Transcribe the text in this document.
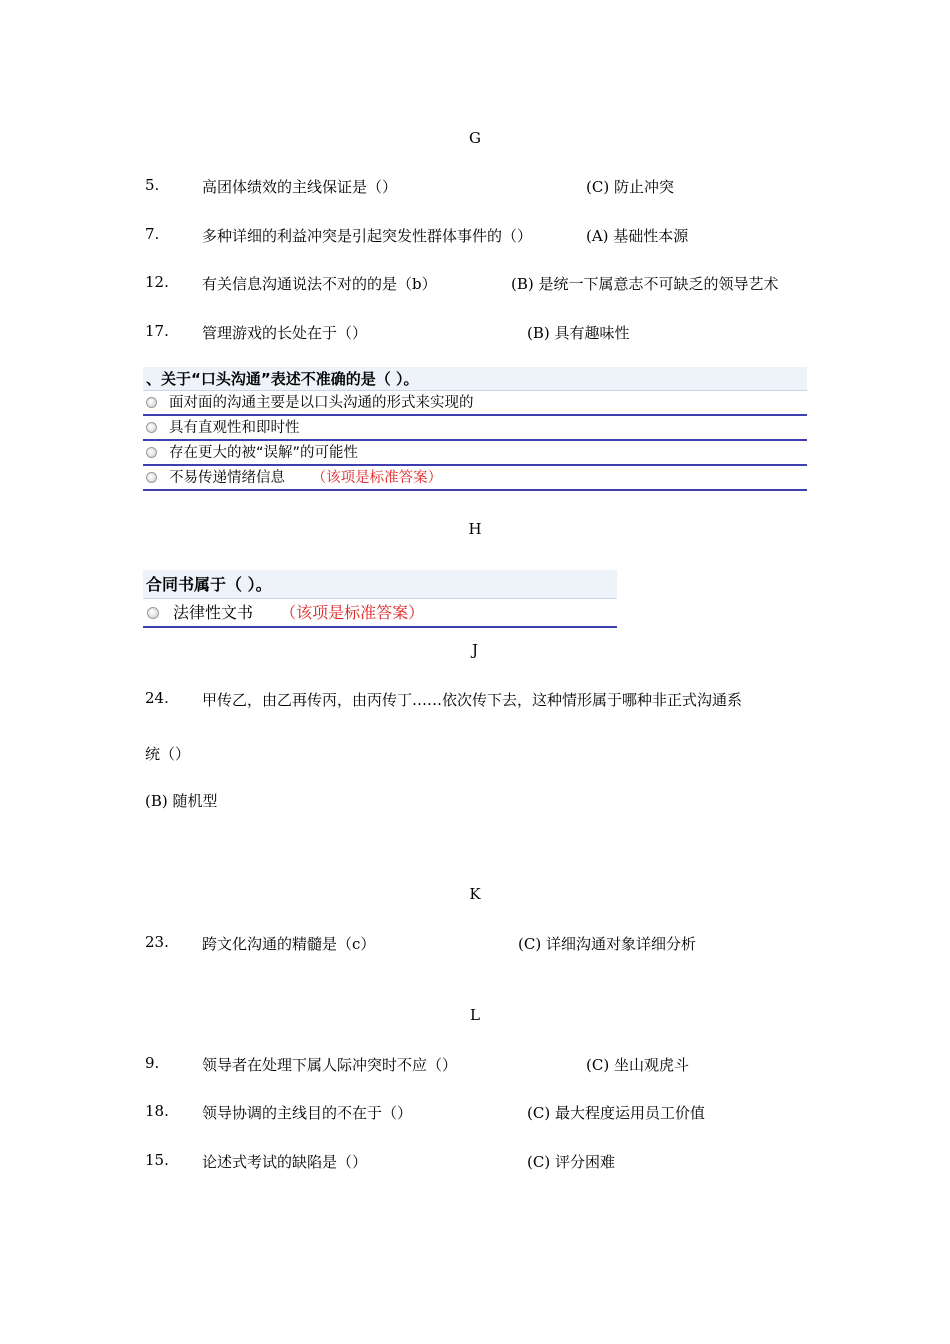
G
5.	高团体绩效的主线保证是（）	(C) 防止冲突
7.	多种详细的利益冲突是引起突发性群体事件的（）	(A) 基础性本源
12. 有关信息沟通说法不对的的是（b）	(B) 是统一下属意志不可缺乏的领导艺术
17. 管理游戏的长处在于（）	(B) 具有趣味性
、关于“口头沟通”表述不准确的是（ ）。
面对面的沟通主要是以口头沟通的形式来实现的
具有直观性和即时性
存在更大的被“误解”的可能性
不易传递情绪信息 （该项是标准答案）
H
合同书属于（ ）。
法律性文书 （该项是标准答案）
J
24. 甲传乙，由乙再传丙，由丙传丁……依次传下去，这种情形属于哪种非正式沟通系
统（）
(B) 随机型
K
23. 跨文化沟通的精髓是（c）	(C) 详细沟通对象详细分析
L
9.	领导者在处理下属人际冲突时不应（）	(C) 坐山观虎斗
18. 领导协调的主线目的不在于（）	(C) 最大程度运用员工价值
15. 论述式考试的缺陷是（）	(C) 评分困难
